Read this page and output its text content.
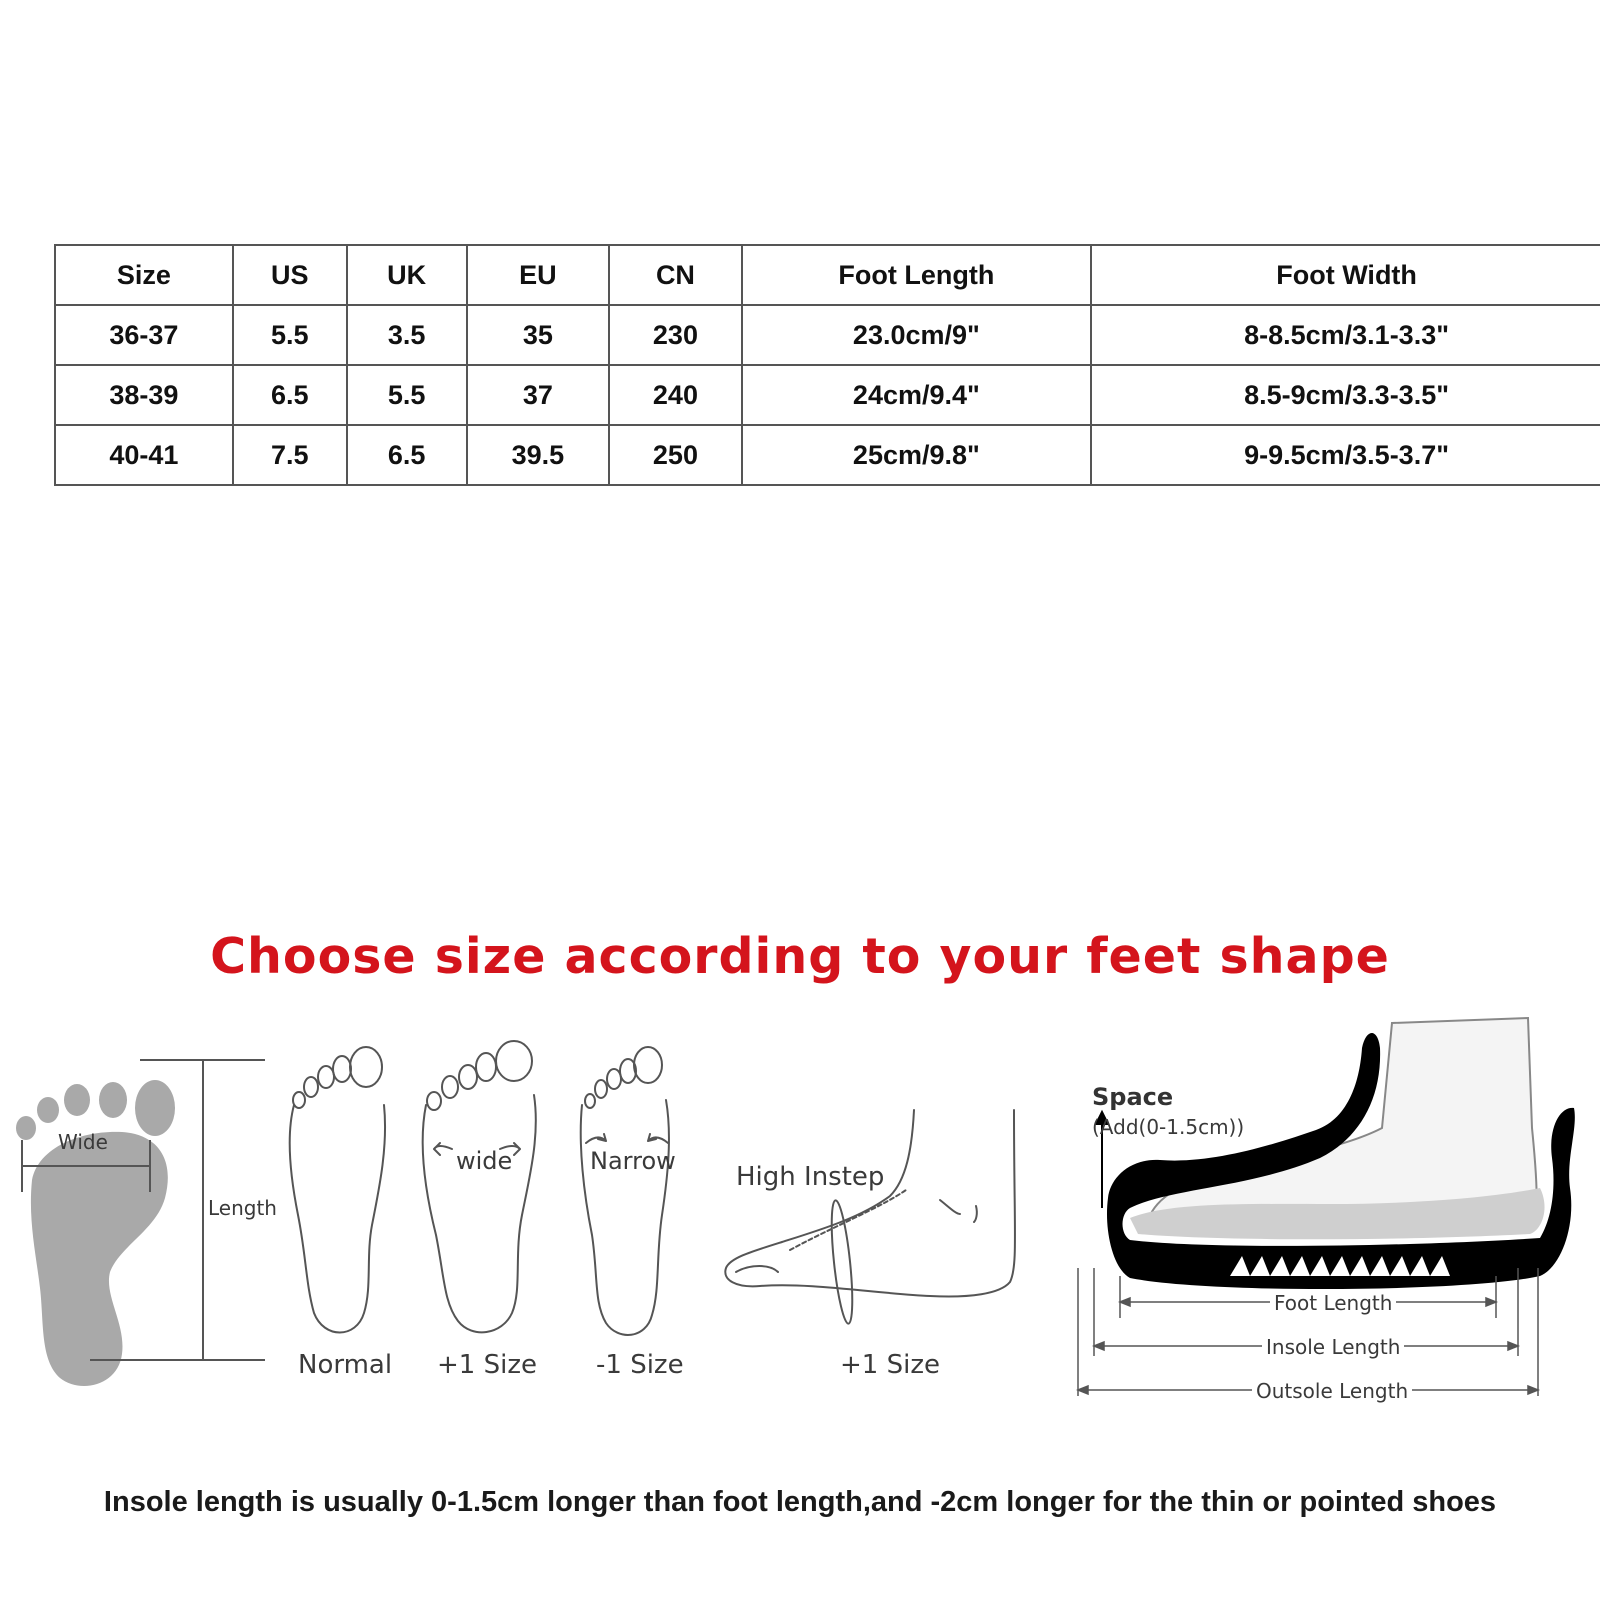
Size	US	UK	EU	CN	Foot Length	Foot Width
36-37	5.5	3.5	35	230	23.0cm/9"	8-8.5cm/3.1-3.3"
38-39	6.5	5.5	37	240	24cm/9.4"	8.5-9cm/3.3-3.5"
40-41	7.5	6.5	39.5	250	25cm/9.8"	9-9.5cm/3.5-3.7"
Choose size according to your feet shape
Wide
Length
wide	Narrow
Normal +1 Size -1 Size
High Instep
+1 Size
Space
(Add(0-1.5cm))
Foot Length
Insole Length
Outsole Length

Insole length is usually 0-1.5cm longer than foot length,and -2cm longer for the thin or pointed shoes
